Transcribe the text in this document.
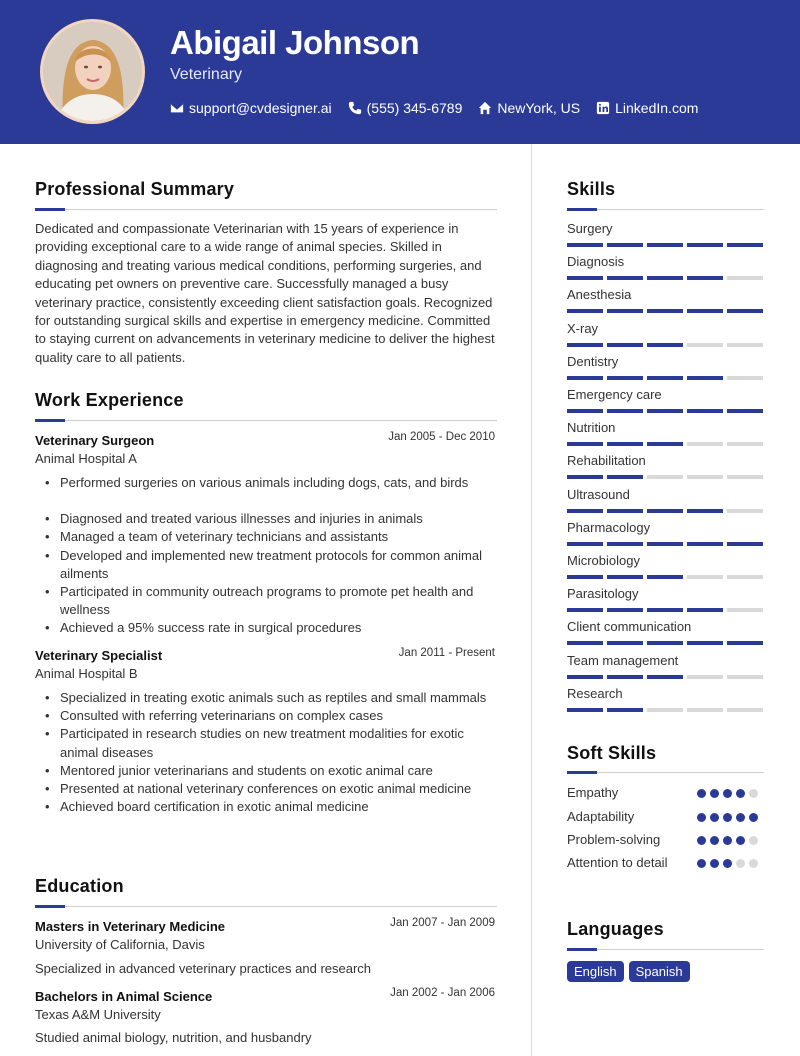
Abigail Johnson
Veterinary
support@cvdesigner.ai	(555) 345-6789	NewYork, US	LinkedIn.com
Professional Summary
Dedicated and compassionate Veterinarian with 15 years of experience in providing exceptional care to a wide range of animal species. Skilled in diagnosing and treating various medical conditions, performing surgeries, and educating pet owners on preventive care. Successfully managed a busy veterinary practice, consistently exceeding client satisfaction goals. Recognized for outstanding surgical skills and expertise in emergency medicine. Committed to staying current on advancements in veterinary medicine to deliver the highest quality care to all patients.
Work Experience
Veterinary Surgeon	Jan 2005 - Dec 2010
Animal Hospital A
• Performed surgeries on various animals including dogs, cats, and birds
• Diagnosed and treated various illnesses and injuries in animals
• Managed a team of veterinary technicians and assistants
• Developed and implemented new treatment protocols for common animal ailments
• Participated in community outreach programs to promote pet health and wellness
• Achieved a 95% success rate in surgical procedures
Veterinary Specialist	Jan 2011 - Present
Animal Hospital B
• Specialized in treating exotic animals such as reptiles and small mammals
• Consulted with referring veterinarians on complex cases
• Participated in research studies on new treatment modalities for exotic animal diseases
• Mentored junior veterinarians and students on exotic animal care
• Presented at national veterinary conferences on exotic animal medicine
• Achieved board certification in exotic animal medicine
Education
Masters in Veterinary Medicine	Jan 2007 - Jan 2009
University of California, Davis
Specialized in advanced veterinary practices and research
Bachelors in Animal Science	Jan 2002 - Jan 2006
Texas A&M University
Studied animal biology, nutrition, and husbandry
Skills
Surgery
Diagnosis
Anesthesia
X-ray
Dentistry
Emergency care
Nutrition
Rehabilitation
Ultrasound
Pharmacology
Microbiology
Parasitology
Client communication
Team management
Research
Soft Skills
Empathy
Adaptability
Problem-solving
Attention to detail
Languages
English	Spanish
